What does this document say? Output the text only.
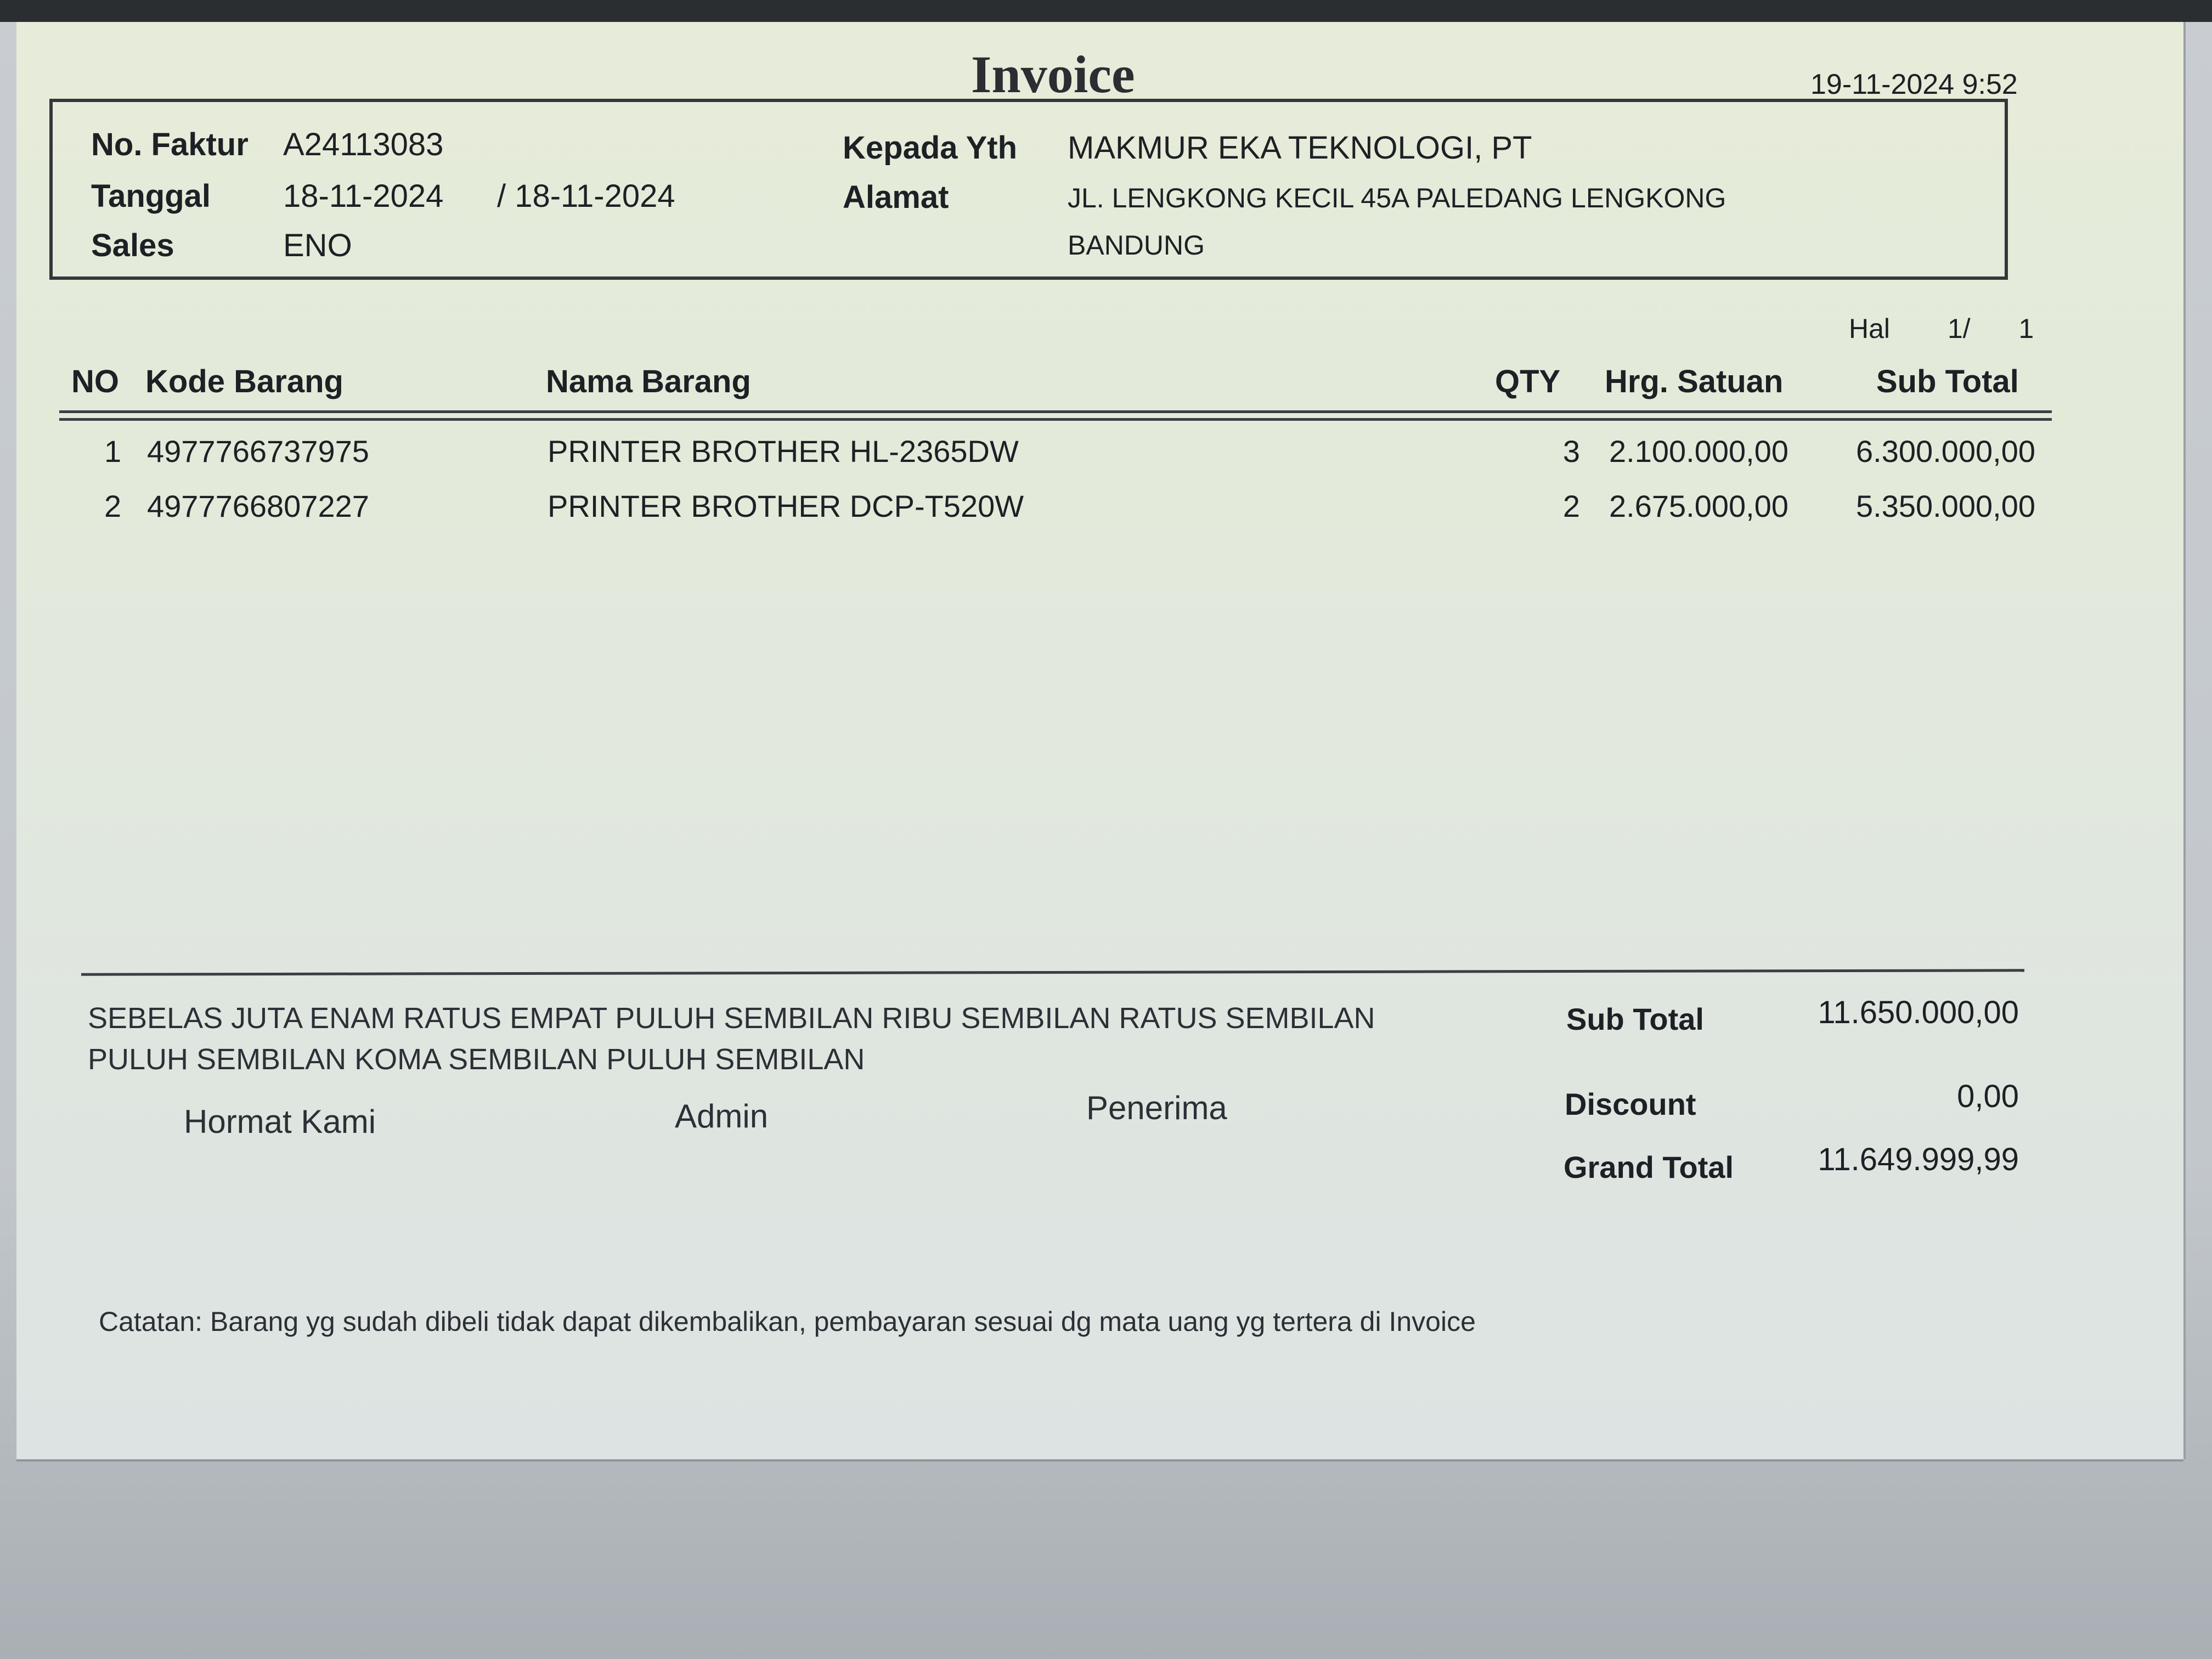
Invoice	19-11-2024 9:52
No. Faktur A24113083
Tanggal 18-11-2024 / 18-11-2024
Sales	ENO
Kepada Yth MAKMUR EKA TEKNOLOGI, PT
Alamat	JL. LENGKONG KECIL 45A PALEDANG LENGKONG
BANDUNG
Hal 1/ 1
NO Kode Barang	Nama Barang	QTY Hrg. Satuan	Sub Total
1 4977766737975	PRINTER BROTHER HL-2365DW	3 2.100.000,00	6.300.000,00
2 4977766807227	PRINTER BROTHER DCP-T520W	2 2.675.000,00	5.350.000,00
SEBELAS JUTA ENAM RATUS EMPAT PULUH SEMBILAN RIBU SEMBILAN RATUS SEMBILAN
PULUH SEMBILAN KOMA SEMBILAN PULUH SEMBILAN
Hormat Kami	Admin	Penerima
Sub Total	11.650.000,00
Discount	0,00
Grand Total	11.649.999,99
Catatan: Barang yg sudah dibeli tidak dapat dikembalikan, pembayaran sesuai dg mata uang yg tertera di Invoice
